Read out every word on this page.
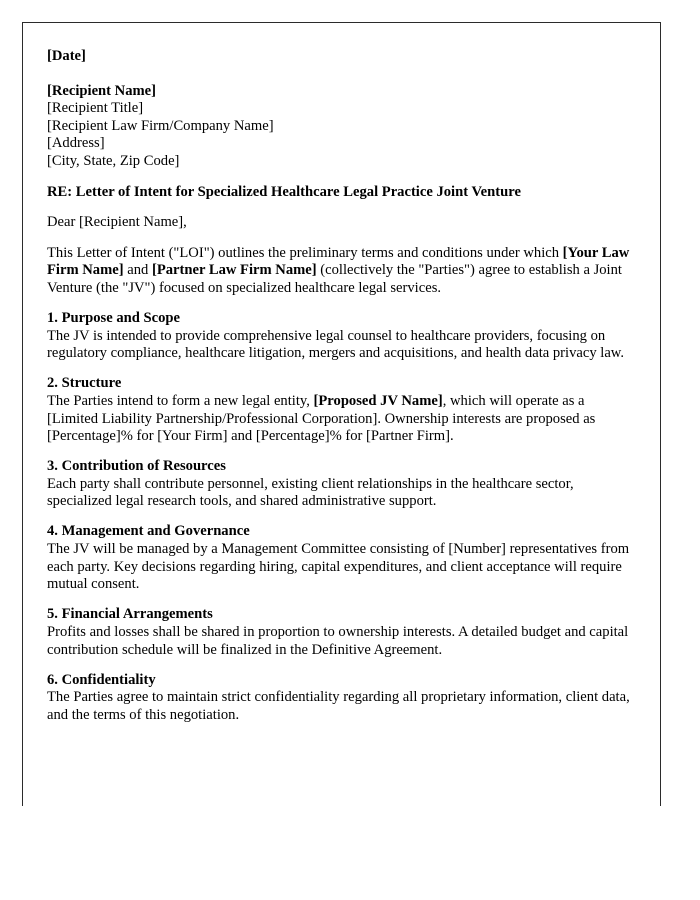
[Date]
[Recipient Name]
[Recipient Title]
[Recipient Law Firm/Company Name]
[Address]
[City, State, Zip Code]
RE: Letter of Intent for Specialized Healthcare Legal Practice Joint Venture
Dear [Recipient Name],

This Letter of Intent ("LOI") outlines the preliminary terms and conditions under which [Your Law Firm Name] and [Partner Law Firm Name] (collectively the "Parties") agree to establish a Joint Venture (the "JV") focused on specialized healthcare legal services.

1. Purpose and Scope
The JV is intended to provide comprehensive legal counsel to healthcare providers, focusing on regulatory compliance, healthcare litigation, mergers and acquisitions, and health data privacy law.

2. Structure
The Parties intend to form a new legal entity, [Proposed JV Name], which will operate as a [Limited Liability Partnership/Professional Corporation]. Ownership interests are proposed as [Percentage]% for [Your Firm] and [Percentage]% for [Partner Firm].

3. Contribution of Resources
Each party shall contribute personnel, existing client relationships in the healthcare sector, specialized legal research tools, and shared administrative support.

4. Management and Governance
The JV will be managed by a Management Committee consisting of [Number] representatives from each party. Key decisions regarding hiring, capital expenditures, and client acceptance will require mutual consent.

5. Financial Arrangements
Profits and losses shall be shared in proportion to ownership interests. A detailed budget and capital contribution schedule will be finalized in the Definitive Agreement.

6. Confidentiality
The Parties agree to maintain strict confidentiality regarding all proprietary information, client data, and the terms of this negotiation.
